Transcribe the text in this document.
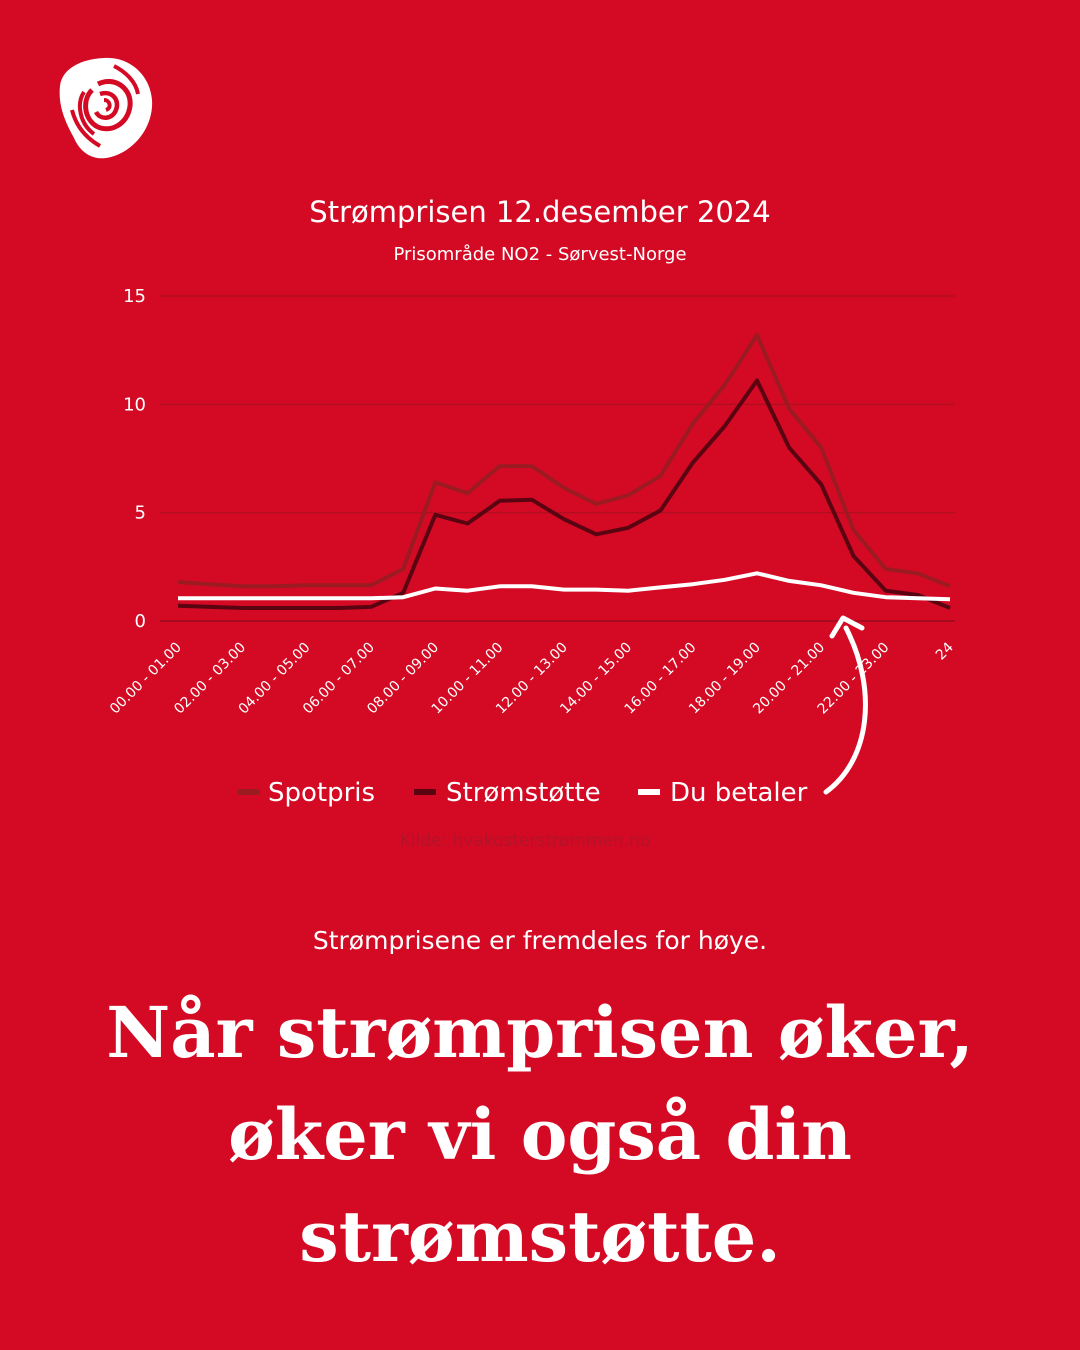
Strømprisen 12.desember 2024
Prisområde NO2 - Sørvest-Norge
0
5
10
15
00.00 - 01.00
02.00 - 03.00
04.00 - 05.00
06.00 - 07.00
08.00 - 09.00
10.00 - 11.00
12.00 - 13.00
14.00 - 15.00
16.00 - 17.00
18.00 - 19.00
20.00 - 21.00
22.00 - 23.00	24
Spotpris	Strømstøtte	Du betaler
Kilde: hvakosterstrømmen.no

Strømprisene er fremdeles for høye.

Når strømprisen øker,
øker vi også din
strømstøtte.
